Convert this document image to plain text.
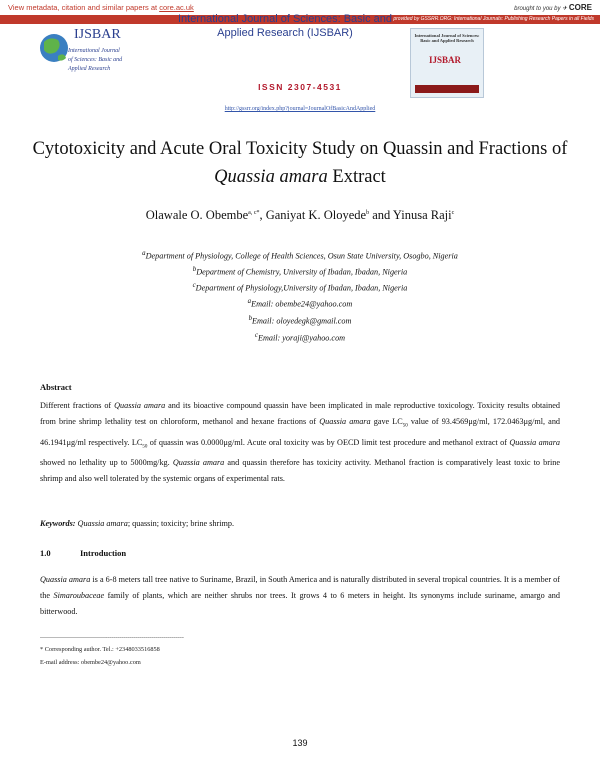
View metadata, citation and similar papers at core.ac.uk	brought to you by ✈ CORE
provided by GSSRR.ORG: International Journals: Publishing Research Papers in all Fields
IJSBAR
International Journal
of Sciences: Basic and
Applied Research
International Journal of Sciences: Basic and
Applied Research (IJSBAR)	International Journal of Sciences: Basic and Applied Research
IJSBAR
ISSN 2307-4531
http://gssrr.org/index.php?journal=JournalOfBasicAndApplied
Cytotoxicity and Acute Oral Toxicity Study on Quassin and Fractions of
Quassia amara Extract
Olawale O. Obembe$^{a, c*}$, Ganiyat K. Oloyede$^b$ and Yinusa Raji$^c$
$^a$Department of Physiology, College of Health Sciences, Osun State University, Osogbo, Nigeria
$^b$Department of Chemistry, University of Ibadan, Ibadan, Nigeria
$^c$Department of Physiology,University of Ibadan, Ibadan, Nigeria
$^a$Email: obembe24@yahoo.com
$^b$Email: oloyedegk@gmail.com
$^c$Email: yoraji@yahoo.com
Abstract
Different fractions of Quassia amara and its bioactive compound quassin have been implicated in male reproductive toxicology. Toxicity results obtained from brine shrimp lethality test on chloroform, methanol and hexane fractions of Quassia amara gave $LC_{50}$ value of 93.4569μg/ml, 172.0463μg/ml, and 46.1941μg/ml respectively. $LC_{50}$ of quassin was 0.0000μg/ml. Acute oral toxicity was by OECD limit test procedure and methanol extract of Quassia amara showed no lethality up to 5000mg/kg. Quassia amara and quassin therefore has toxicity activity. Methanol fraction is comparatively least toxic to brine shrimp and also well tolerated by the systemic organs of experimental rats.
Keywords: Quassia amara; quassin; toxicity; brine shrimp.
1.0	Introduction
Quassia amara is a 6-8 meters tall tree native to Suriname, Brazil, in South America and is naturally distributed in several tropical countries. It is a member of the Simaroubaceae family of plants, which are neither shrubs nor trees. It grows 4 to 6 meters in height. Its synonyms include suriname, amargo and bitterwood.
------------------------------------------------------------------------
* Corresponding author. Tel.: +2348033516858
E-mail address: obembe24@yahoo.com
139
